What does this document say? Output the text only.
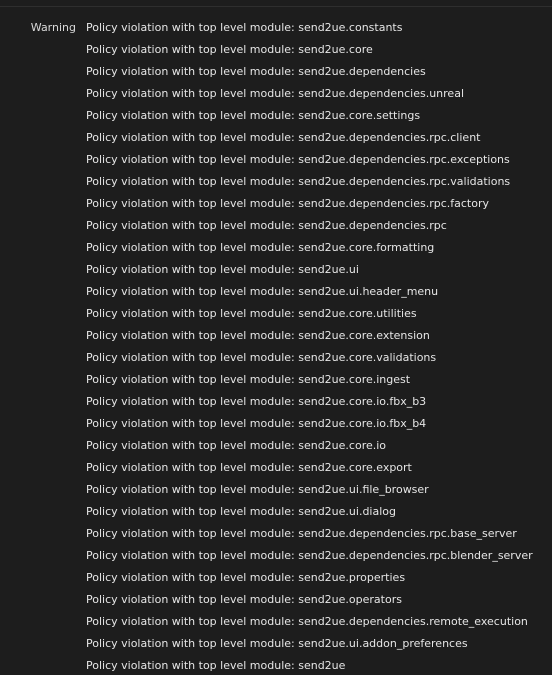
Warning Policy violation with top level module: send2ue.constants
Policy violation with top level module: send2ue.core
Policy violation with top level module: send2ue.dependencies
Policy violation with top level module: send2ue.dependencies.unreal
Policy violation with top level module: send2ue.core.settings
Policy violation with top level module: send2ue.dependencies.rpc.client
Policy violation with top level module: send2ue.dependencies.rpc.exceptions
Policy violation with top level module: send2ue.dependencies.rpc.validations
Policy violation with top level module: send2ue.dependencies.rpc.factory
Policy violation with top level module: send2ue.dependencies.rpc
Policy violation with top level module: send2ue.core.formatting
Policy violation with top level module: send2ue.ui
Policy violation with top level module: send2ue.ui.header_menu
Policy violation with top level module: send2ue.core.utilities
Policy violation with top level module: send2ue.core.extension
Policy violation with top level module: send2ue.core.validations
Policy violation with top level module: send2ue.core.ingest
Policy violation with top level module: send2ue.core.io.fbx_b3
Policy violation with top level module: send2ue.core.io.fbx_b4
Policy violation with top level module: send2ue.core.io
Policy violation with top level module: send2ue.core.export
Policy violation with top level module: send2ue.ui.file_browser
Policy violation with top level module: send2ue.ui.dialog
Policy violation with top level module: send2ue.dependencies.rpc.base_server
Policy violation with top level module: send2ue.dependencies.rpc.blender_server
Policy violation with top level module: send2ue.properties
Policy violation with top level module: send2ue.operators
Policy violation with top level module: send2ue.dependencies.remote_execution
Policy violation with top level module: send2ue.ui.addon_preferences
Policy violation with top level module: send2ue
